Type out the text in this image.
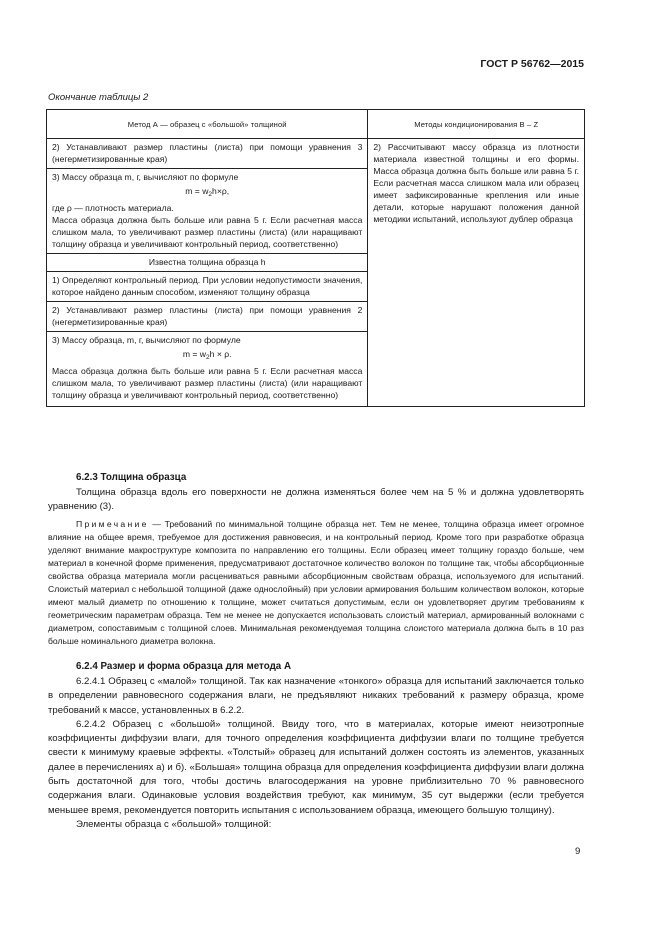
ГОСТ Р 56762—2015
Окончание таблицы 2
Метод А — образец с «большой» толщиной	Методы кондиционирования B – Z
2) Устанавливают размер пластины (листа) при помощи уравнения 3 (негерметизированные края)	2) Рассчитывают массу образца из плотности материала известной толщины и его формы. Масса образца должна быть больше или равна 5 г. Если расчетная масса слишком мала или образец имеет зафиксированные крепления или иные детали, которые нарушают положения данной методики испытаний, используют дублер образца

3) Массу образца m, г, вычисляют по формуле
$m = w_2h\times\rho$,
где ρ — плотность материала.
Масса образца должна быть больше или равна 5 г. Если расчетная масса слишком мала, то увеличивают размер пластины (листа) (или наращивают толщину образца и увеличивают контрольный период, соответственно)	

Известна толщина образца h	
1) Определяют контрольный период. При условии недопустимости значения, которое найдено данным способом, изменяют толщину образца	
2) Устанавливают размер пластины (листа) при помощи уравнения 2 (негерметизированные края)	

3) Массу образца, m, г, вычисляют по формуле
$m = w_2h \times \rho$.
Масса образца должна быть больше или равна 5 г. Если расчетная масса слишком мала, то увеличивают размер пластины (листа) (или наращивают толщину образца и увеличивают контрольный период, соответственно)	
6.2.3 Толщина образца

Толщина образца вдоль его поверхности не должна изменяться более чем на 5 % и должна удовлетворять уравнению (3).

Примечание — Требований по минимальной толщине образца нет. Тем не менее, толщина образца имеет огромное влияние на общее время, требуемое для достижения равновесия, и на контрольный период. Кроме того при разработке образца уделяют внимание макроструктуре композита по направлению его толщины. Если образец имеет толщину гораздо больше, чем материал в конечной форме применения, предусматривают достаточное количество волокон по толщине так, чтобы абсорбционные свойства образца материала могли расцениваться равными абсорбционным свойствам образца, используемого для испытаний. Слоистый материал с небольшой толщиной (даже однослойный) при условии армирования большим количеством волокон, которые имеют малый диаметр по отношению к толщине, может считаться допустимым, если он удовлетворяет другим требованиям к геометрическим параметрам образца. Тем не менее не допускается использовать слоистый материал, армированный волокнами с диаметром, сопоставимым с толщиной слоев. Минимальная рекомендуемая толщина слоистого материала должна быть в 10 раз больше номинального диаметра волокна.

6.2.4 Размер и форма образца для метода А

6.2.4.1 Образец с «малой» толщиной. Так как назначение «тонкого» образца для испытаний заключается только в определении равновесного содержания влаги, не предъявляют никаких требований к размеру образца, кроме требований к массе, установленных в 6.2.2.

6.2.4.2 Образец с «большой» толщиной. Ввиду того, что в материалах, которые имеют неизотропные коэффициенты диффузии влаги, для точного определения коэффициента диффузии влаги по толщине требуется свести к минимуму краевые эффекты. «Толстый» образец для испытаний должен состоять из элементов, указанных далее в перечислениях а) и б). «Большая» толщина образца для определения коэффициента диффузии влаги должна быть достаточной для того, чтобы достичь влагосодержания на уровне приблизительно 70 % равновесного содержания влаги. Одинаковые условия воздействия требуют, как минимум, 35 сут выдержки (если требуется меньшее время, рекомендуется повторить испытания с использованием образца, имеющего большую толщину).

Элементы образца с «большой» толщиной:

9
